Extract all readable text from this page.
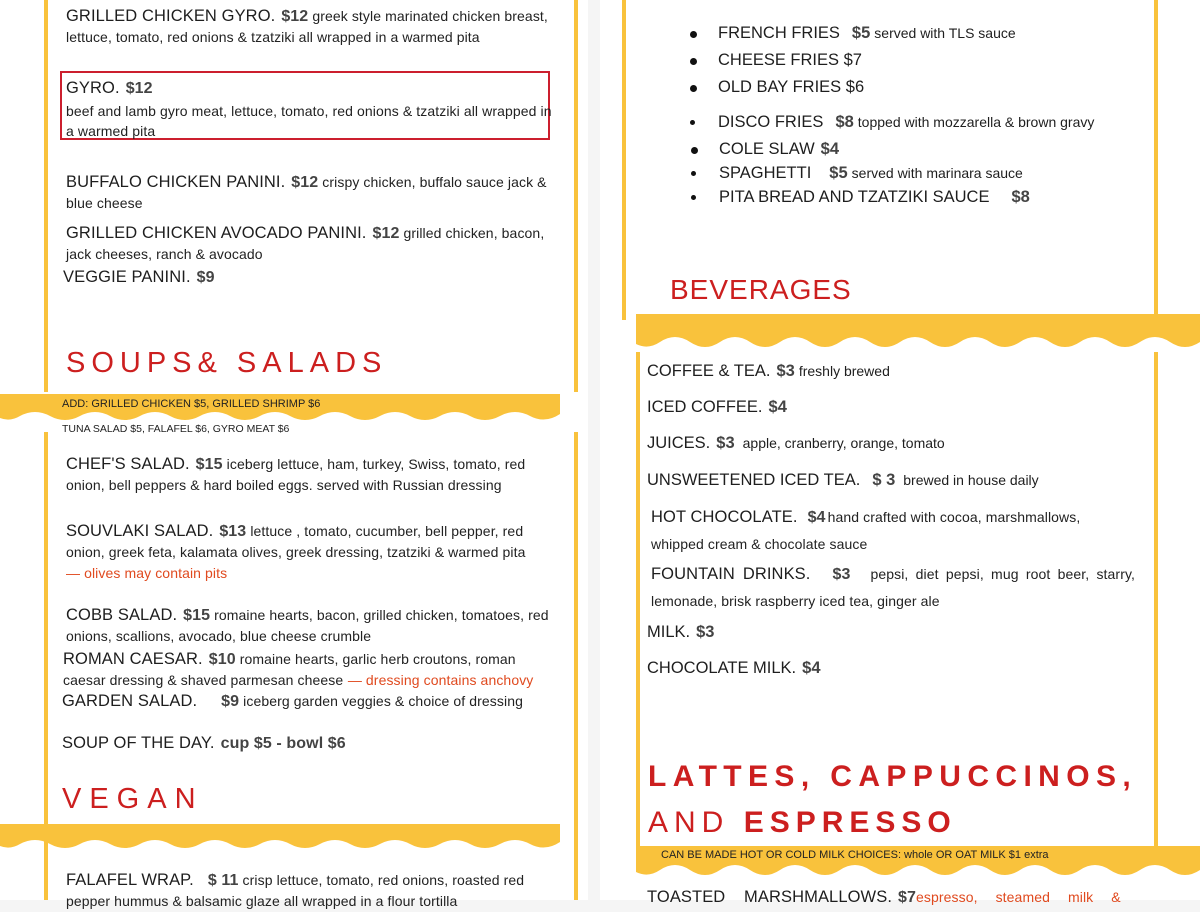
GRILLED CHICKEN GYRO. $12 greek style marinated chicken breast, lettuce, tomato, red onions & tzatziki all wrapped in a warmed pita
GYRO. $12
beef and lamb gyro meat, lettuce, tomato, red onions & tzatziki all wrapped in a warmed pita
BUFFALO CHICKEN PANINI. $12 crispy chicken, buffalo sauce jack & blue cheese
GRILLED CHICKEN AVOCADO PANINI. $12 grilled chicken, bacon, jack cheeses, ranch & avocado
VEGGIE PANINI. $9
SOUPS& SALADS
ADD: GRILLED CHICKEN $5, GRILLED SHRIMP $6
TUNA SALAD $5, FALAFEL $6, GYRO MEAT $6
CHEF'S SALAD. $15 iceberg lettuce, ham, turkey, Swiss, tomato, red onion, bell peppers & hard boiled eggs. served with Russian dressing
SOUVLAKI SALAD. $13 lettuce , tomato, cucumber, bell pepper, red onion, greek feta, kalamata olives, greek dressing, tzatziki & warmed pita
— olives may contain pits
COBB SALAD. $15 romaine hearts, bacon, grilled chicken, tomatoes, red onions, scallions, avocado, blue cheese crumble
ROMAN CAESAR. $10 romaine hearts, garlic herb croutons, roman caesar dressing & shaved parmesan cheese — dressing contains anchovy
GARDEN SALAD. $9 iceberg garden veggies & choice of dressing
SOUP OF THE DAY. cup $5 - bowl $6
VEGAN
FALAFEL WRAP. $ 11 crisp lettuce, tomato, red onions, roasted red pepper hummus & balsamic glaze all wrapped in a flour tortilla
FRENCH FRIES $5 served with TLS sauce
CHEESE FRIES $7
OLD BAY FRIES $6
DISCO FRIES $8 topped with mozzarella & brown gravy
COLE SLAW $4
SPAGHETTI $5 served with marinara sauce
PITA BREAD AND TZATZIKI SAUCE $8
BEVERAGES
COFFEE & TEA. $3 freshly brewed
ICED COFFEE. $4
JUICES. $3 apple, cranberry, orange, tomato
UNSWEETENED ICED TEA. $ 3 brewed in house daily
HOT CHOCOLATE. $4 hand crafted with cocoa, marshmallows, whipped cream & chocolate sauce
FOUNTAIN DRINKS. $3 pepsi, diet pepsi, mug root beer, starry, lemonade, brisk raspberry iced tea, ginger ale
MILK. $3
CHOCOLATE MILK. $4
LATTES, CAPPUCCINOS,
AND ESPRESSO
CAN BE MADE HOT OR COLD MILK CHOICES: whole OR OAT MILK $1 extra
TOASTED MARSHMALLOWS. $7espresso, steamed milk &
